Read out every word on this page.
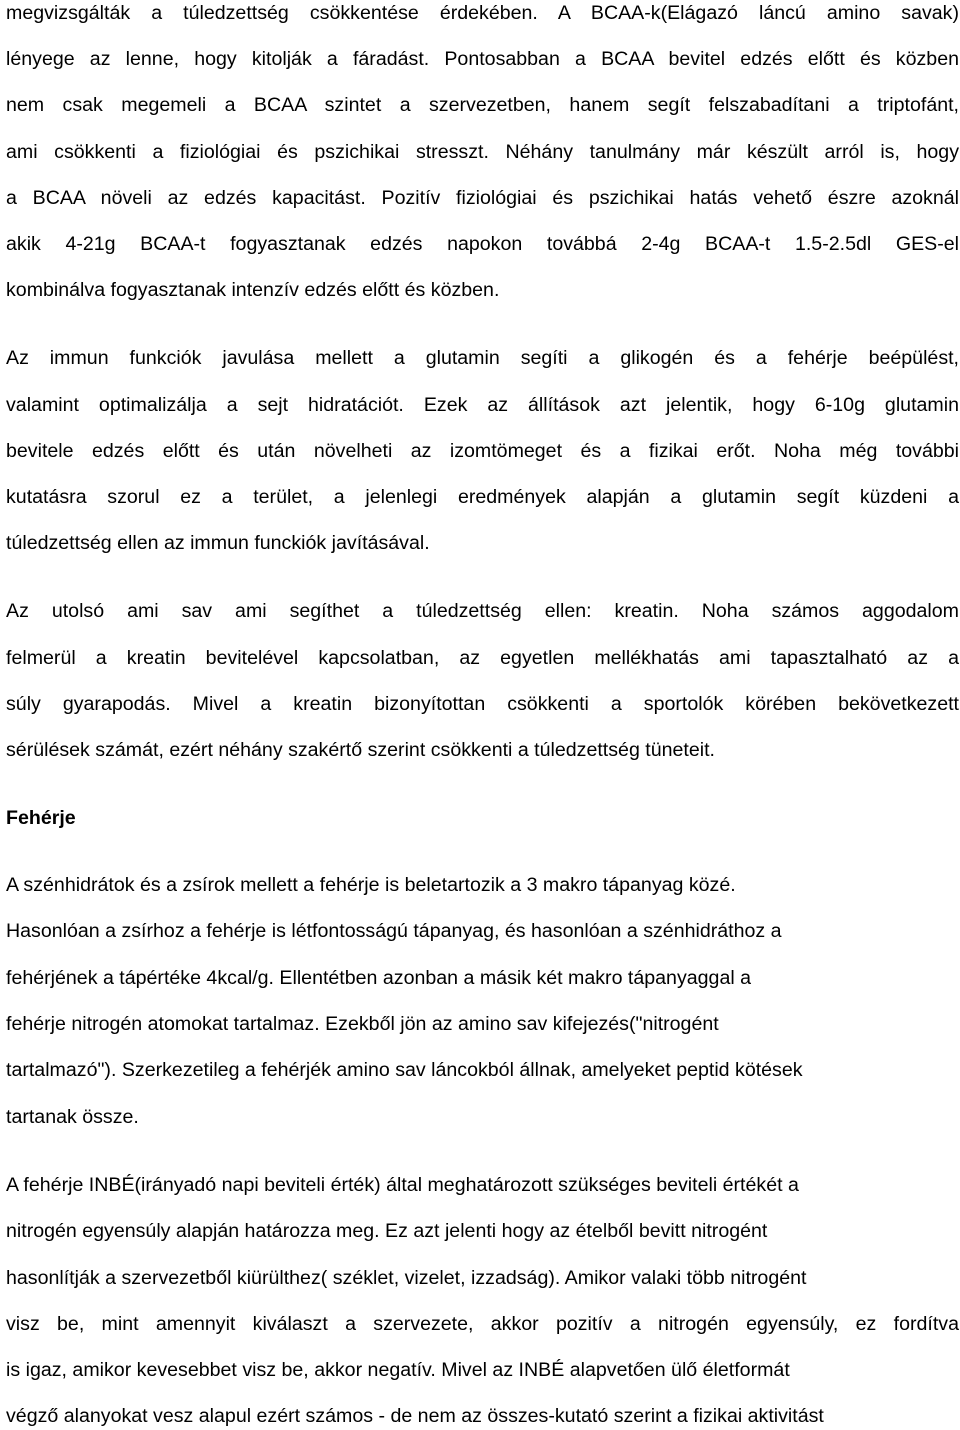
megvizsgálták a túledzettség csökkentése érdekében. A BCAA-k(Elágazó láncú amino savak)
lényege az lenne, hogy kitolják a fáradást. Pontosabban a BCAA bevitel edzés előtt és közben
nem csak megemeli a BCAA szintet a szervezetben, hanem segít felszabadítani a triptofánt,
ami csökkenti a fiziológiai és pszichikai stresszt. Néhány tanulmány már készült arról is, hogy
a BCAA növeli az edzés kapacitást. Pozitív fiziológiai és pszichikai hatás vehető észre azoknál
akik 4-21g BCAA-t fogyasztanak edzés napokon továbbá 2-4g BCAA-t 1.5-2.5dl GES-el
kombinálva fogyasztanak intenzív edzés előtt és közben.
Az immun funkciók javulása mellett a glutamin segíti a glikogén és a fehérje beépülést,
valamint optimalizálja a sejt hidratációt. Ezek az állítások azt jelentik, hogy 6-10g glutamin
bevitele edzés előtt és után növelheti az izomtömeget és a fizikai erőt. Noha még további
kutatásra szorul ez a terület, a jelenlegi eredmények alapján a glutamin segít küzdeni a
túledzettség ellen az immun funckiók javításával.
Az utolsó ami sav ami segíthet a túledzettség ellen: kreatin. Noha számos aggodalom
felmerül a kreatin bevitelével kapcsolatban, az egyetlen mellékhatás ami tapasztalható az a
súly gyarapodás. Mivel a kreatin bizonyítottan csökkenti a sportolók körében bekövetkezett
sérülések számát, ezért néhány szakértő szerint csökkenti a túledzettség tüneteit.
Fehérje
A szénhidrátok és a zsírok mellett a fehérje is beletartozik a 3 makro tápanyag közé.
Hasonlóan a zsírhoz a fehérje is létfontosságú tápanyag, és hasonlóan a szénhidráthoz a
fehérjének a tápértéke 4kcal/g. Ellentétben azonban a másik két makro tápanyaggal a
fehérje nitrogén atomokat tartalmaz. Ezekből jön az amino sav kifejezés("nitrogént
tartalmazó"). Szerkezetileg a fehérjék amino sav láncokból állnak, amelyeket peptid kötések
tartanak össze.
A fehérje INBÉ(irányadó napi beviteli érték) által meghatározott szükséges beviteli értékét a
nitrogén egyensúly alapján határozza meg. Ez azt jelenti hogy az ételből bevitt nitrogént
hasonlítják a szervezetből kiürülthez( széklet, vizelet, izzadság). Amikor valaki több nitrogént
visz be, mint amennyit kiválaszt a szervezete, akkor pozitív a nitrogén egyensúly, ez fordítva
is igaz, amikor kevesebbet visz be, akkor negatív. Mivel az INBÉ alapvetően ülő életformát
végző alanyokat vesz alapul ezért számos - de nem az összes-kutató szerint a fizikai aktivitást
